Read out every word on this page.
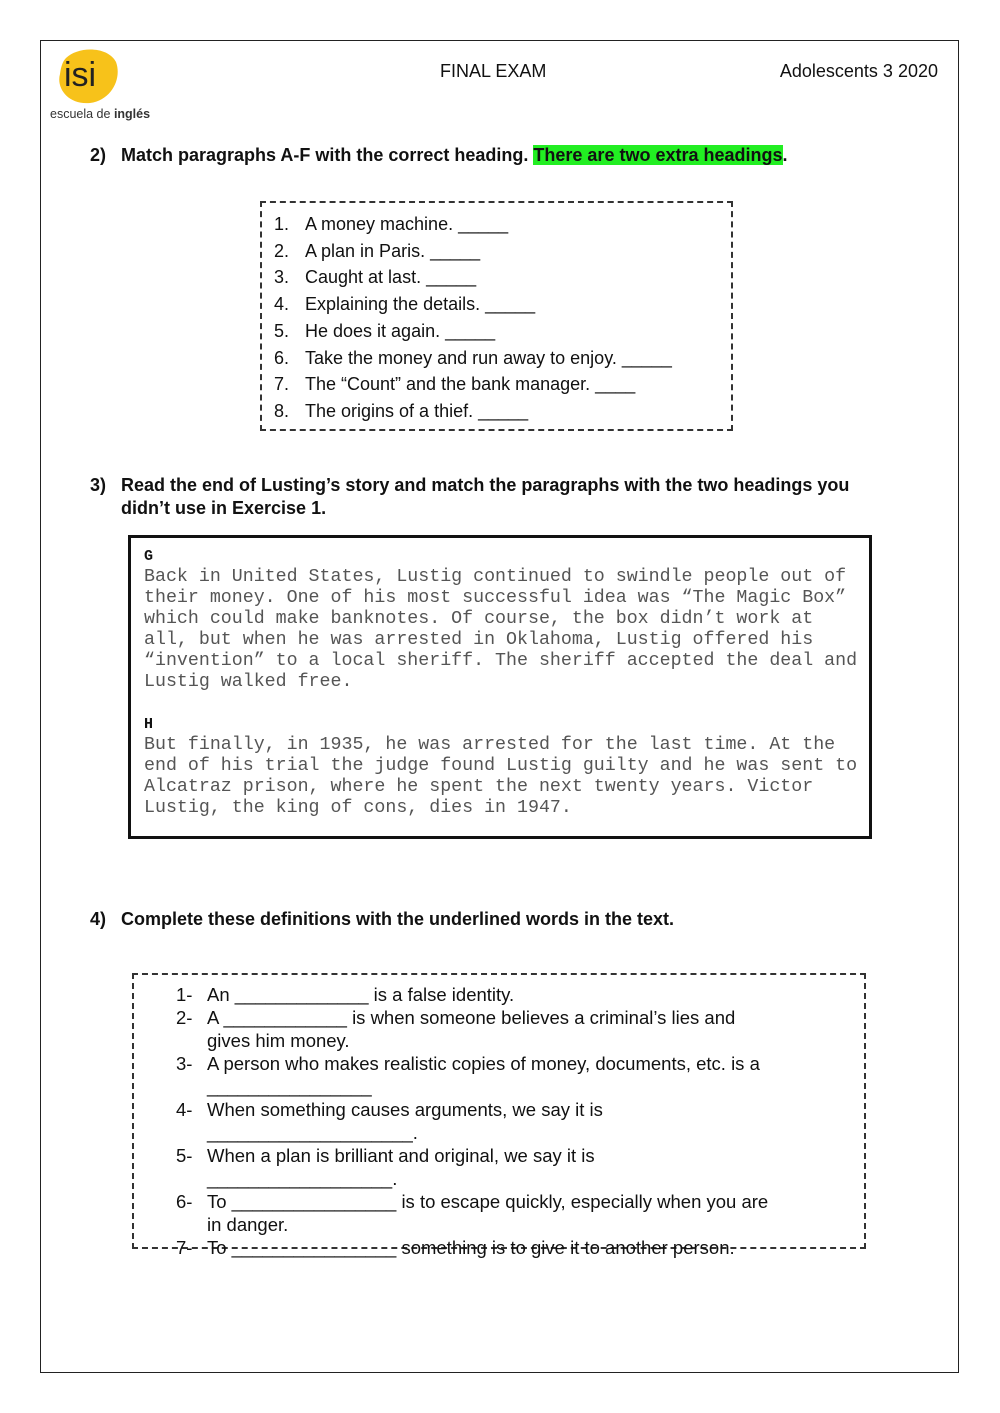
isi
escuela de inglés
FINAL EXAM	Adolescents 3 2020
2) Match paragraphs A-F with the correct heading. There are two extra headings.
1. A money machine. _____
2. A plan in Paris. _____
3. Caught at last. _____
4. Explaining the details. _____
5. He does it again. _____
6. Take the money and run away to enjoy. _____
7. The “Count” and the bank manager. ____
8. The origins of a thief. _____
3) Read the end of Lusting’s story and match the paragraphs with the two headings you
didn’t use in Exercise 1.
G

Back in United States, Lustig continued to swindle people out of their money. One of his most successful idea was “The Magic Box” which could make banknotes. Of course, the box didn’t work at all, but when he was arrested in Oklahoma, Lustig offered his “invention” to a local sheriff. The sheriff accepted the deal and Lustig walked free.

H

But finally, in 1935, he was arrested for the last time. At the end of his trial the judge found Lustig guilty and he was sent to Alcatraz prison, where he spent the next twenty years. Victor Lustig, the king of cons, dies in 1947.

4) Complete these definitions with the underlined words in the text.
1- An _____________ is a false identity.
2- A ____________ is when someone believes a criminal’s lies and gives him money.
3- A person who makes realistic copies of money, documents, etc. is a ________________
4- When something causes arguments, we say it is ____________________.
5- When a plan is brilliant and original, we say it is __________________.
6- To ________________ is to escape quickly, especially when you are in danger.
7- To ________________ something is to give it to another person.
